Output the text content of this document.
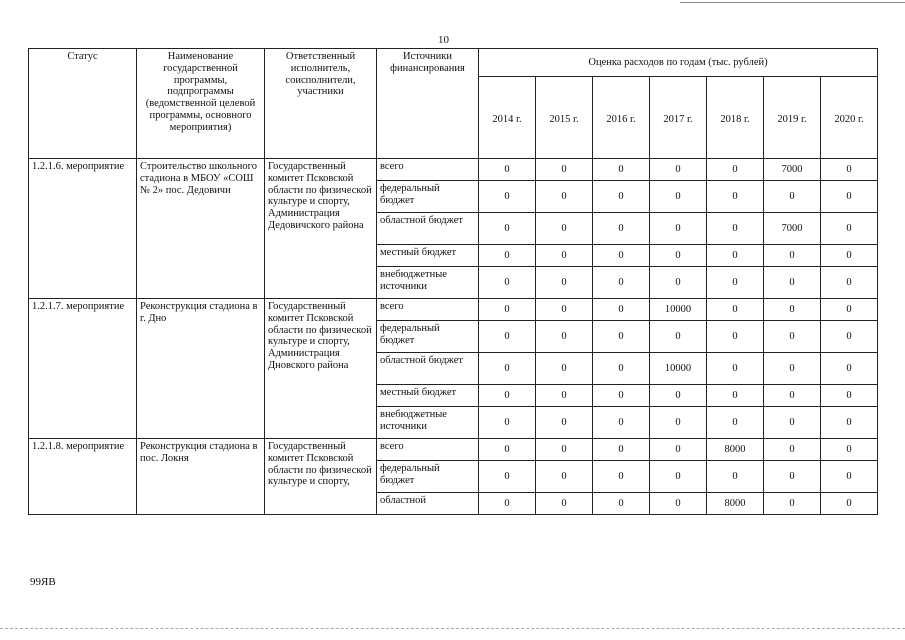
10
Статус	Наименование государственной программы, подпрограммы (ведомственной целевой программы, основного мероприятия)	Ответственный исполнитель, соисполнители, участники	Источники финансирования	Оценка расходов по годам (тыс. рублей)						
				2014 г.	2015 г.	2016 г.	2017 г.	2018 г.	2019 г.	2020 г.
1.2.1.6. мероприятие	Строительство школьного стадиона в МБОУ «СОШ № 2» пос. Дедовичи	Государственный комитет Псковской области по физической культуре и спорту, Администрация Дедовичского района	всего	0	0	0	0	0	7000	0
			федеральный бюджет	0	0	0	0	0	0	0
			областной бюджет	0	0	0	0	0	7000	0
			местный бюджет	0	0	0	0	0	0	0
			внебюджетные источники	0	0	0	0	0	0	0
1.2.1.7. мероприятие	Реконструкция стадиона в г. Дно	Государственный комитет Псковской области по физической культуре и спорту, Администрация Дновского района	всего	0	0	0	10000	0	0	0
			федеральный бюджет	0	0	0	0	0	0	0
			областной бюджет	0	0	0	10000	0	0	0
			местный бюджет	0	0	0	0	0	0	0
			внебюджетные источники	0	0	0	0	0	0	0
1.2.1.8. мероприятие	Реконструкция стадиона в пос. Локня	Государственный комитет Псковской области по физической культуре и спорту,	всего	0	0	0	0	8000	0	0
			федеральный бюджет	0	0	0	0	0	0	0
			областной	0	0	0	0	8000	0	0
99ЯВ
